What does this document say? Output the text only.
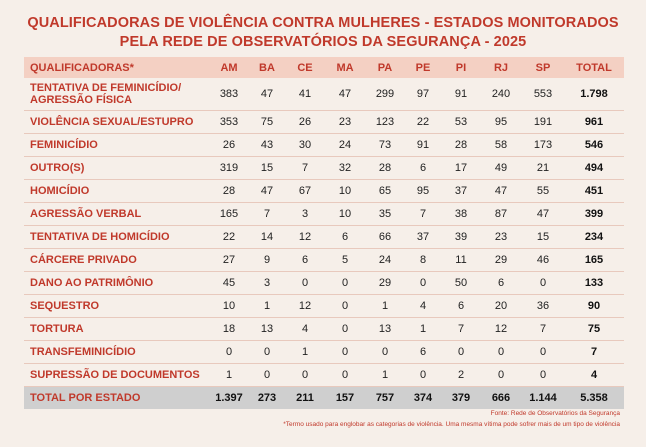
QUALIFICADORAS DE VIOLÊNCIA CONTRA MULHERES - ESTADOS MONITORADOS
PELA REDE DE OBSERVATÓRIOS DA SEGURANÇA - 2025
QUALIFICADORAS*	AM	BA	CE	MA	PA	PE	PI	RJ	SP	TOTAL
TENTATIVA DE FEMINICÍDIO/ AGRESSÃO FÍSICA	383	47	41	47	299	97	91	240	553	1.798
VIOLÊNCIA SEXUAL/ESTUPRO	353	75	26	23	123	22	53	95	191	961
FEMINICÍDIO	26	43	30	24	73	91	28	58	173	546
OUTRO(S)	319	15	7	32	28	6	17	49	21	494
HOMICÍDIO	28	47	67	10	65	95	37	47	55	451
AGRESSÃO VERBAL	165	7	3	10	35	7	38	87	47	399
TENTATIVA DE HOMICÍDIO	22	14	12	6	66	37	39	23	15	234
CÁRCERE PRIVADO	27	9	6	5	24	8	11	29	46	165
DANO AO PATRIMÔNIO	45	3	0	0	29	0	50	6	0	133
SEQUESTRO	10	1	12	0	1	4	6	20	36	90
TORTURA	18	13	4	0	13	1	7	12	7	75
TRANSFEMINICÍDIO	0	0	1	0	0	6	0	0	0	7
SUPRESSÃO DE DOCUMENTOS	1	0	0	0	1	0	2	0	0	4
TOTAL POR ESTADO	1.397	273	211	157	757	374	379	666	1.144	5.358
Fonte: Rede de Observatórios da Segurança
*Termo usado para englobar as categorias de violência. Uma mesma vítima pode sofrer mais de um tipo de violência
